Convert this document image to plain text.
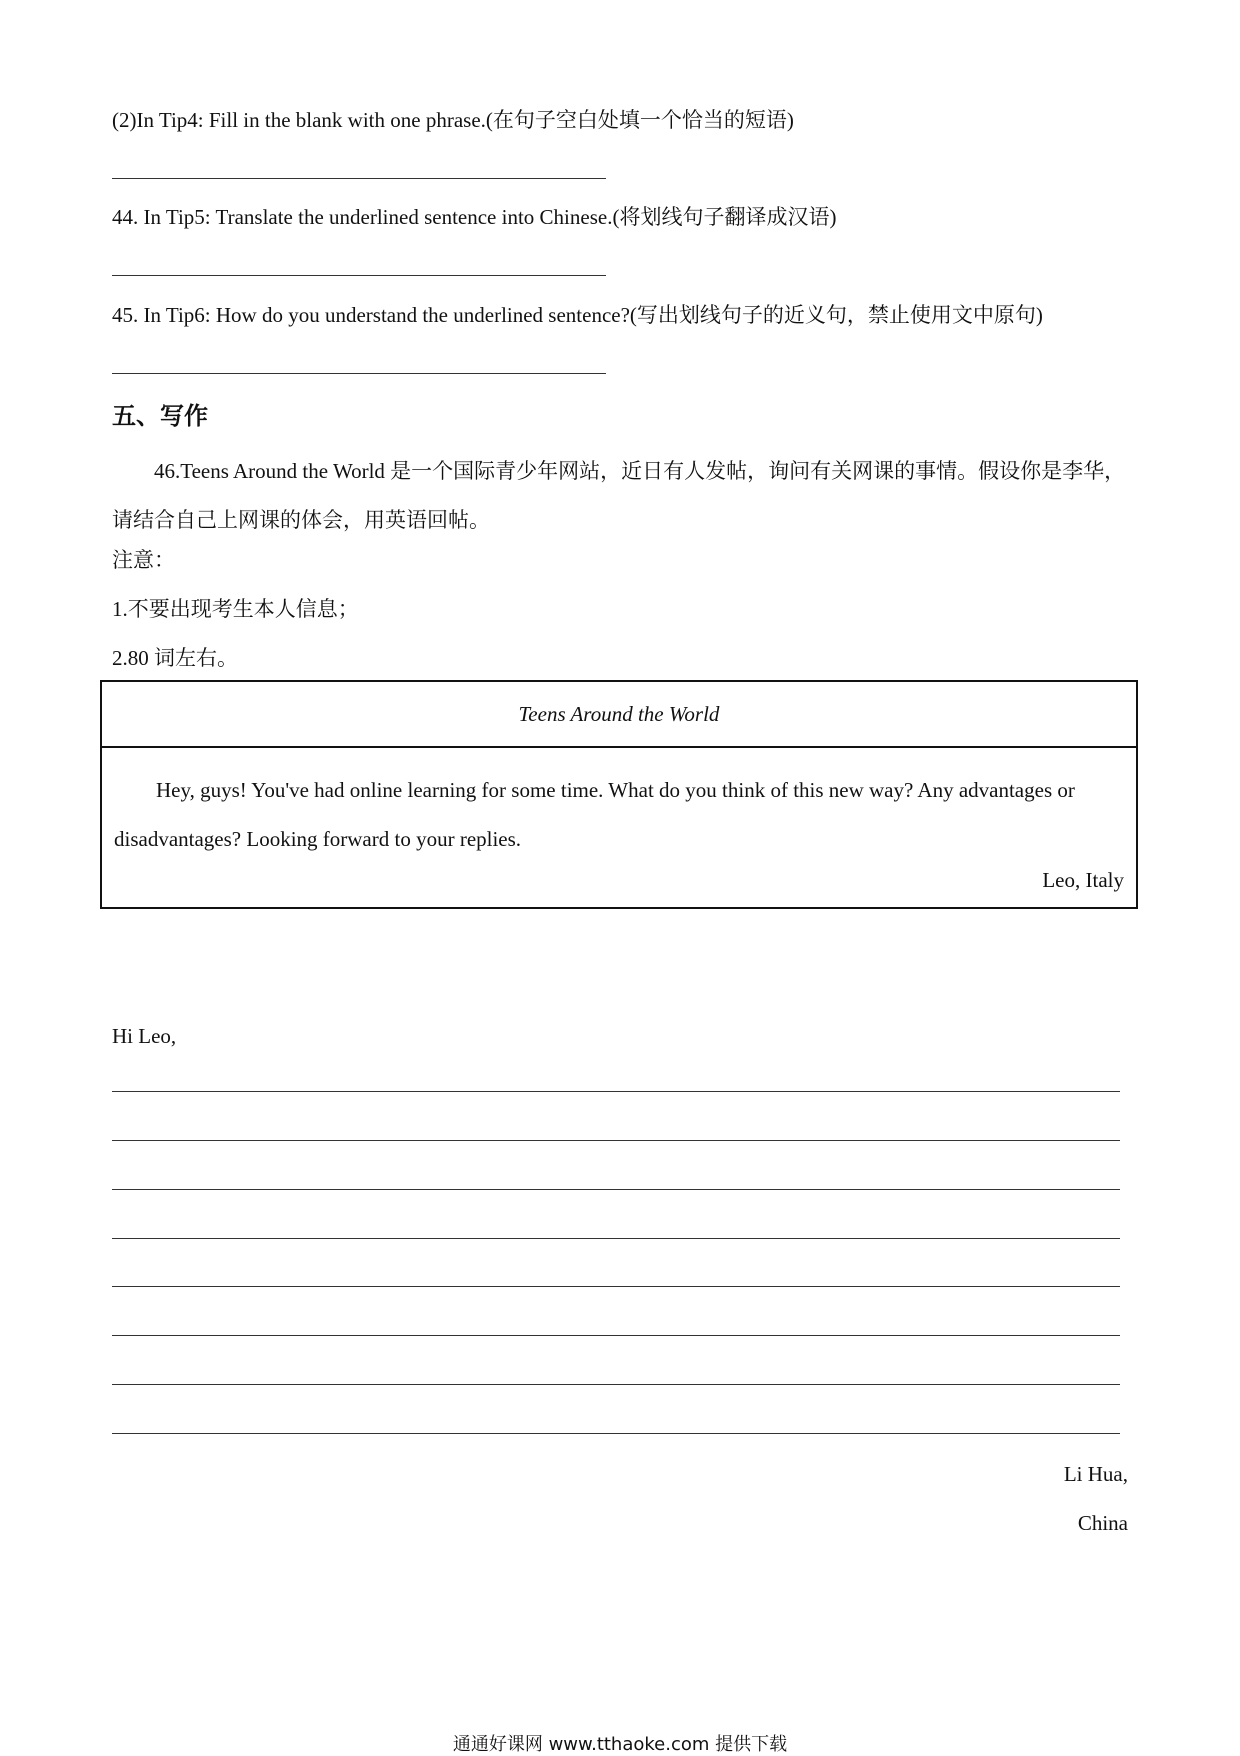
(2)In Tip4: Fill in the blank with one phrase.(在句子空白处填一个恰当的短语)
44. In Tip5: Translate the underlined sentence into Chinese.(将划线句子翻译成汉语)
45. In Tip6: How do you understand the underlined sentence?(写出划线句子的近义句，禁止使用文中原句)
五、写作
46.Teens Around the World 是一个国际青少年网站，近日有人发帖，询问有关网课的事情。假设你是李华，请结合自己上网课的体会，用英语回帖。
注意：
1.不要出现考生本人信息；
2.80 词左右。
Teens Around the World
Hey, guys! You've had online learning for some time. What do you think of this new way? Any advantages or disadvantages? Looking forward to your replies.
Leo, Italy
Hi Leo,
Li Hua,
China
通通好课网 www.tthaoke.com 提供下载
